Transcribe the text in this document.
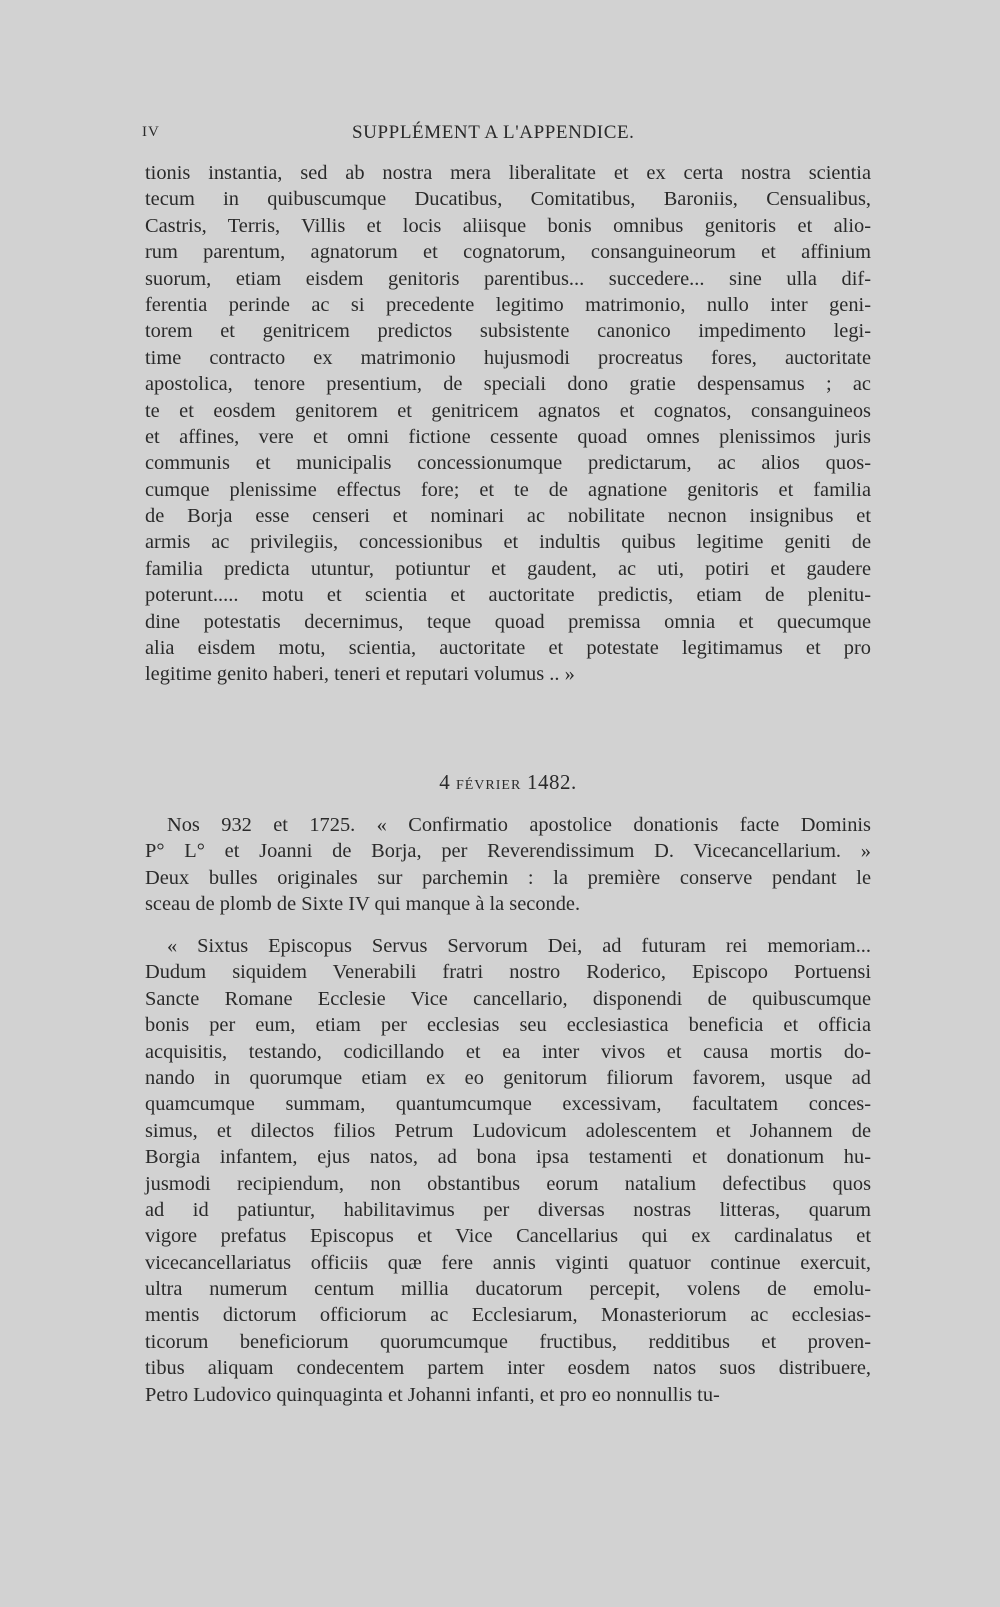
IV	SUPPLÉMENT A L'APPENDICE.
tionis instantia, sed ab nostra mera liberalitate et ex certa nostra scientia
tecum in quibuscumque Ducatibus, Comitatibus, Baroniis, Censualibus,
Castris, Terris, Villis et locis aliisque bonis omnibus genitoris et alio-
rum parentum, agnatorum et cognatorum, consanguineorum et affinium
suorum, etiam eisdem genitoris parentibus... succedere... sine ulla dif-
ferentia perinde ac si precedente legitimo matrimonio, nullo inter geni-
torem et genitricem predictos subsistente canonico impedimento legi-
time contracto ex matrimonio hujusmodi procreatus fores, auctoritate
apostolica, tenore presentium, de speciali dono gratie despensamus ; ac
te et eosdem genitorem et genitricem agnatos et cognatos, consanguineos
et affines, vere et omni fictione cessente quoad omnes plenissimos juris
communis et municipalis concessionumque predictarum, ac alios quos-
cumque plenissime effectus fore; et te de agnatione genitoris et familia
de Borja esse censeri et nominari ac nobilitate necnon insignibus et
armis ac privilegiis, concessionibus et indultis quibus legitime geniti de
familia predicta utuntur, potiuntur et gaudent, ac uti, potiri et gaudere
poterunt..... motu et scientia et auctoritate predictis, etiam de plenitu-
dine potestatis decernimus, teque quoad premissa omnia et quecumque
alia eisdem motu, scientia, auctoritate et potestate legitimamus et pro
legitime genito haberi, teneri et reputari volumus .. »
4 FÉVRIER 1482.
Nos 932 et 1725. « Confirmatio apostolice donationis facte Dominis
P° L° et Joanni de Borja, per Reverendissimum D. Vicecancellarium. »
Deux bulles originales sur parchemin : la première conserve pendant le
sceau de plomb de Sixte IV qui manque à la seconde.
« Sixtus Episcopus Servus Servorum Dei, ad futuram rei memoriam...
Dudum siquidem Venerabili fratri nostro Roderico, Episcopo Portuensi
Sancte Romane Ecclesie Vice cancellario, disponendi de quibuscumque
bonis per eum, etiam per ecclesias seu ecclesiastica beneficia et officia
acquisitis, testando, codicillando et ea inter vivos et causa mortis do-
nando in quorumque etiam ex eo genitorum filiorum favorem, usque ad
quamcumque summam, quantumcumque excessivam, facultatem conces-
simus, et dilectos filios Petrum Ludovicum adolescentem et Johannem de
Borgia infantem, ejus natos, ad bona ipsa testamenti et donationum hu-
jusmodi recipiendum, non obstantibus eorum natalium defectibus quos
ad id patiuntur, habilitavimus per diversas nostras litteras, quarum
vigore prefatus Episcopus et Vice Cancellarius qui ex cardinalatus et
vicecancellariatus officiis quæ fere annis viginti quatuor continue exercuit,
ultra numerum centum millia ducatorum percepit, volens de emolu-
mentis dictorum officiorum ac Ecclesiarum, Monasteriorum ac ecclesias-
ticorum beneficiorum quorumcumque fructibus, redditibus et proven-
tibus aliquam condecentem partem inter eosdem natos suos distribuere,
Petro Ludovico quinquaginta et Johanni infanti, et pro eo nonnullis tu-
